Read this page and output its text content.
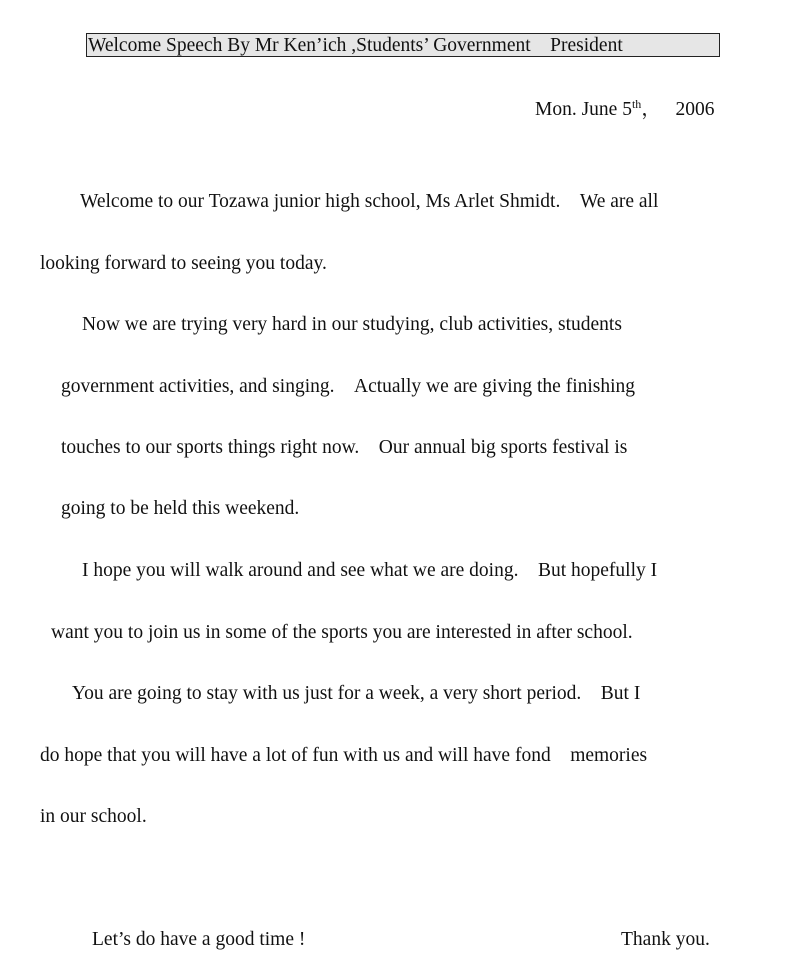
Welcome Speech By Mr Ken’ich ,Students’ Government　President
Mon. June 5th，　 2006
Welcome to our Tozawa junior high school, Ms Arlet Shmidt.　We are all
looking forward to seeing you today.
Now we are trying very hard in our studying, club activities, students
government activities, and singing.　Actually we are giving the finishing
touches to our sports things right now.　Our annual big sports festival is
going to be held this weekend.
I hope you will walk around and see what we are doing.　But hopefully I
want you to join us in some of the sports you are interested in after school.
You are going to stay with us just for a week, a very short period.　But I
do hope that you will have a lot of fun with us and will have fond　memories
in our school.
Let’s do have a good time !	Thank you.
